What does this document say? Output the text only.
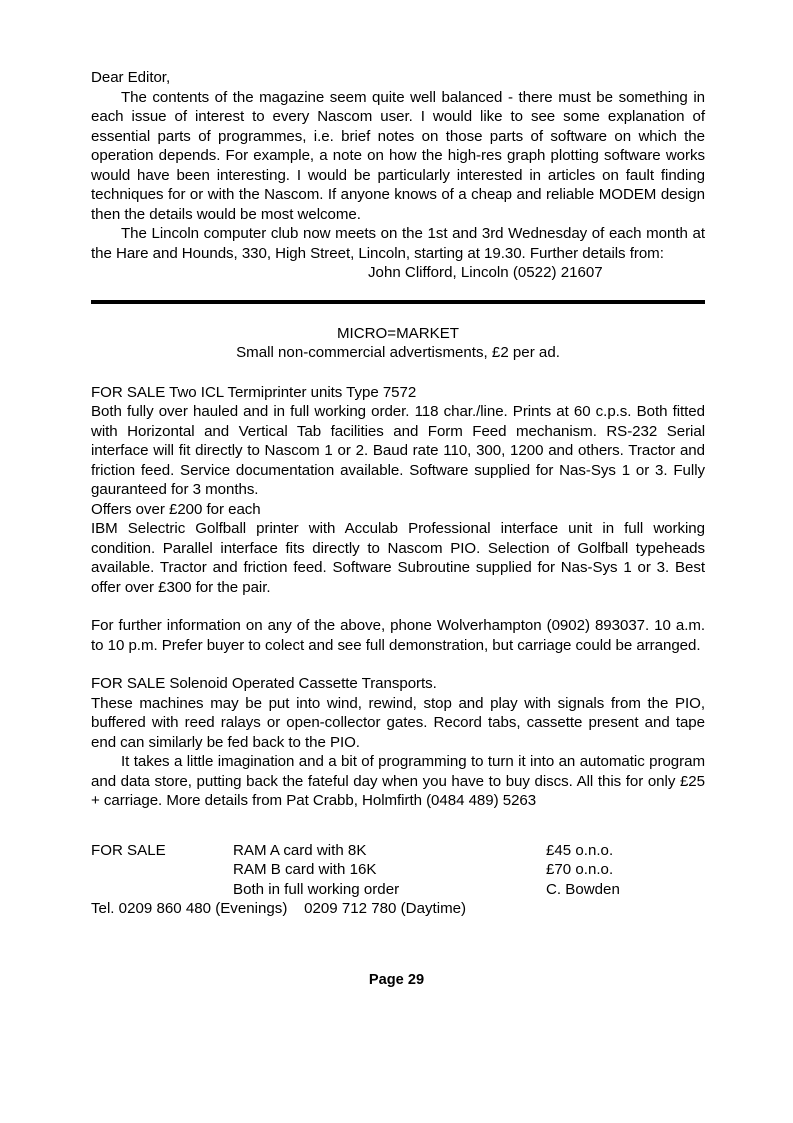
Dear Editor,

The contents of the magazine seem quite well balanced - there must be something in each issue of interest to every Nascom user. I would like to see some explanation of essential parts of programmes, i.e. brief notes on those parts of software on which the operation depends. For example, a note on how the high-res graph plotting software works would have been interesting. I would be particularly interested in articles on fault finding techniques for or with the Nascom. If anyone knows of a cheap and reliable MODEM design then the details would be most welcome.

The Lincoln computer club now meets on the 1st and 3rd Wednesday of each month at the Hare and Hounds, 330, High Street, Lincoln, starting at 19.30. Further details from:

John Clifford, Lincoln (0522) 21607

MICRO=MARKET

Small non-commercial advertisments, £2 per ad.

FOR SALE Two ICL Termiprinter units Type 7572

Both fully over hauled and in full working order. 118 char./line. Prints at 60 c.p.s. Both fitted with Horizontal and Vertical Tab facilities and Form Feed mechanism. RS-232 Serial interface will fit directly to Nascom 1 or 2. Baud rate 110, 300, 1200 and others. Tractor and friction feed. Service documentation available. Software supplied for Nas-Sys 1 or 3. Fully gauranteed for 3 months.

Offers over £200 for each

IBM Selectric Golfball printer with Acculab Professional interface unit in full working condition. Parallel interface fits directly to Nascom PIO. Selection of Golfball typeheads available. Tractor and friction feed. Software Subroutine supplied for Nas-Sys 1 or 3. Best offer over £300 for the pair.

For further information on any of the above, phone Wolverhampton (0902) 893037. 10 a.m. to 10 p.m. Prefer buyer to colect and see full demonstration, but carriage could be arranged.

FOR SALE Solenoid Operated Cassette Transports.

These machines may be put into wind, rewind, stop and play with signals from the PIO, buffered with reed ralays or open-collector gates. Record tabs, cassette present and tape end can similarly be fed back to the PIO.

It takes a little imagination and a bit of programming to turn it into an automatic program and data store, putting back the fateful day when you have to buy discs. All this for only £25 + carriage. More details from Pat Crabb, Holmfirth (0484 489) 5263

FOR SALE	RAM A card with 8K	£45 o.n.o.
	RAM B card with 16K	£70 o.n.o.
	Both in full working order	C. Bowden

Tel. 0209 860 480 (Evenings)    0209 712 780 (Daytime)

Page 29
